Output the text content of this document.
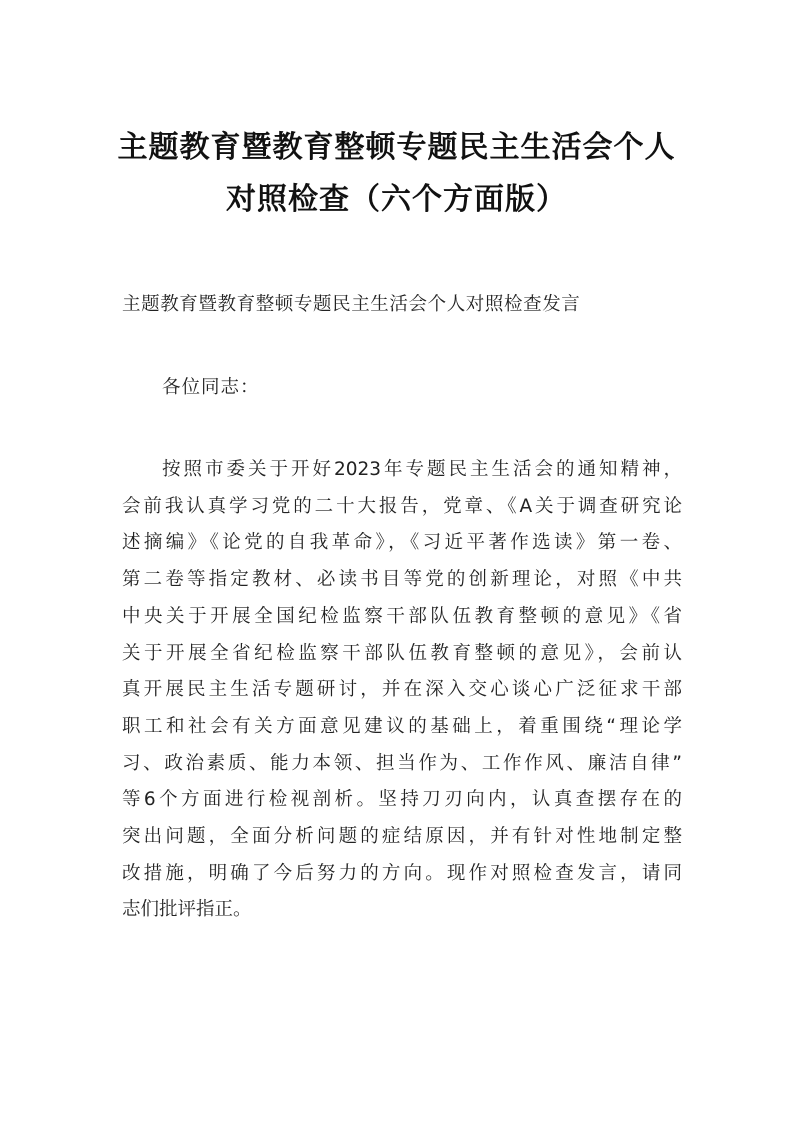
主题教育暨教育整顿专题民主生活会个人
对照检查（六个方面版）

主题教育暨教育整顿专题民主生活会个人对照检查发言

各位同志：

按照市委关于开好2023年专题民主生活会的通知精神，
会前我认真学习党的二十大报告，党章、《A关于调查研究论
述摘编》《论党的自我革命》，《习近平著作选读》第一卷、
第二卷等指定教材、必读书目等党的创新理论，对照《中共
中央关于开展全国纪检监察干部队伍教育整顿的意见》《省
关于开展全省纪检监察干部队伍教育整顿的意见》，会前认
真开展民主生活专题研讨，并在深入交心谈心广泛征求干部
职工和社会有关方面意见建议的基础上，着重围绕“理论学
习、政治素质、能力本领、担当作为、工作作风、廉洁自律”
等6个方面进行检视剖析。坚持刀刃向内，认真查摆存在的
突出问题，全面分析问题的症结原因，并有针对性地制定整
改措施，明确了今后努力的方向。现作对照检查发言，请同
志们批评指正。
